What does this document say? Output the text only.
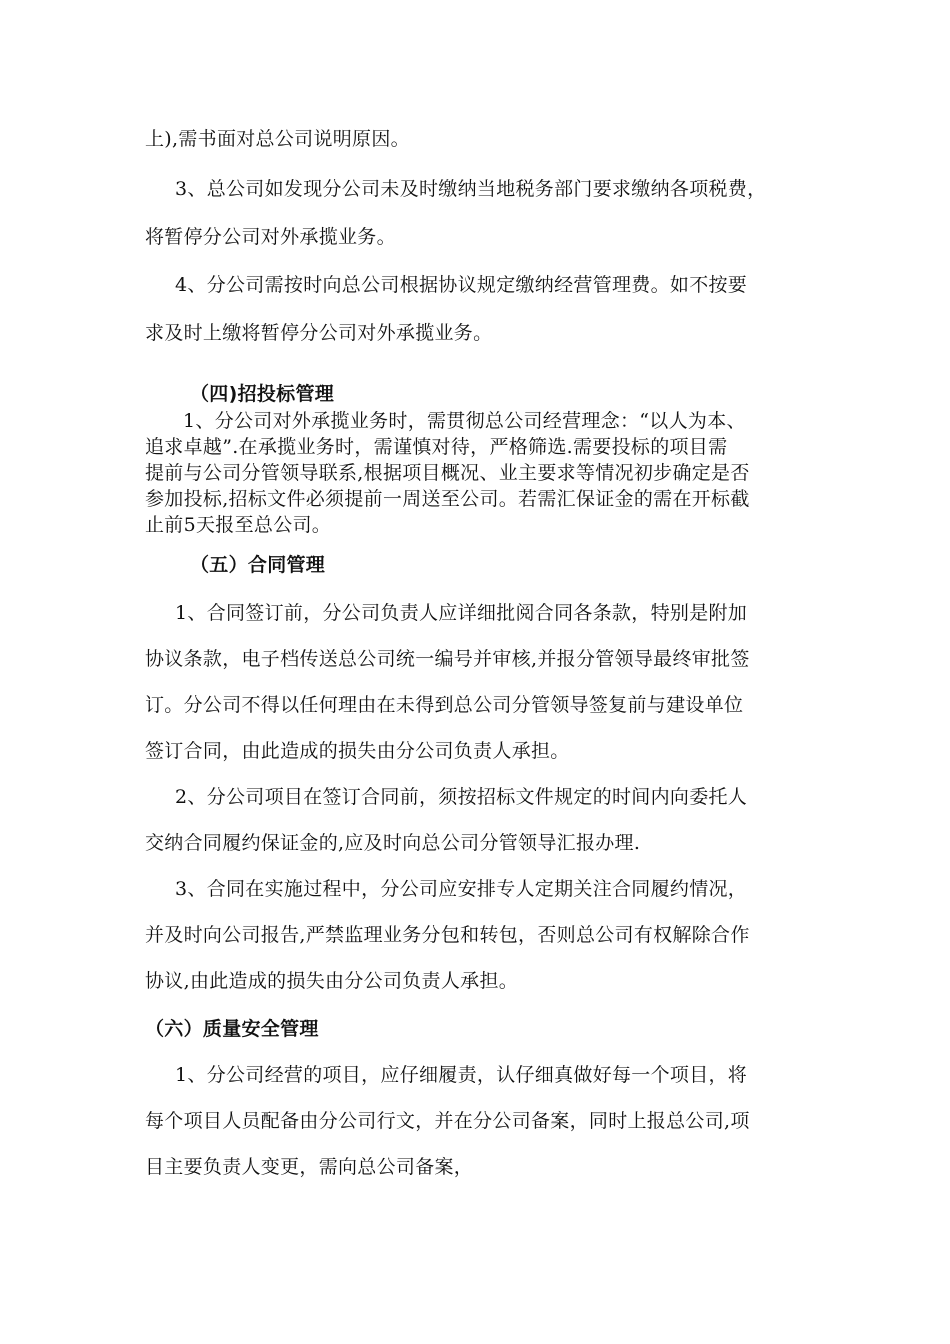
上),需书面对总公司说明原因。
3、总公司如发现分公司未及时缴纳当地税务部门要求缴纳各项税费，
将暂停分公司对外承揽业务。
4、分公司需按时向总公司根据协议规定缴纳经营管理费。如不按要
求及时上缴将暂停分公司对外承揽业务。
（四)招投标管理
1、分公司对外承揽业务时，需贯彻总公司经营理念：“以人为本、
追求卓越”.在承揽业务时，需谨慎对待，严格筛选.需要投标的项目需
提前与公司分管领导联系,根据项目概况、业主要求等情况初步确定是否
参加投标,招标文件必须提前一周送至公司。若需汇保证金的需在开标截
止前5天报至总公司。
（五）合同管理
1、合同签订前，分公司负责人应详细批阅合同各条款，特别是附加
协议条款，电子档传送总公司统一编号并审核,并报分管领导最终审批签
订。分公司不得以任何理由在未得到总公司分管领导签复前与建设单位
签订合同，由此造成的损失由分公司负责人承担。
2、分公司项目在签订合同前，须按招标文件规定的时间内向委托人
交纳合同履约保证金的,应及时向总公司分管领导汇报办理.
3、合同在实施过程中，分公司应安排专人定期关注合同履约情况，
并及时向公司报告,严禁监理业务分包和转包，否则总公司有权解除合作
协议,由此造成的损失由分公司负责人承担。
（六）质量安全管理
1、分公司经营的项目，应仔细履责，认仔细真做好每一个项目，将
每个项目人员配备由分公司行文，并在分公司备案，同时上报总公司,项
目主要负责人变更，需向总公司备案，
